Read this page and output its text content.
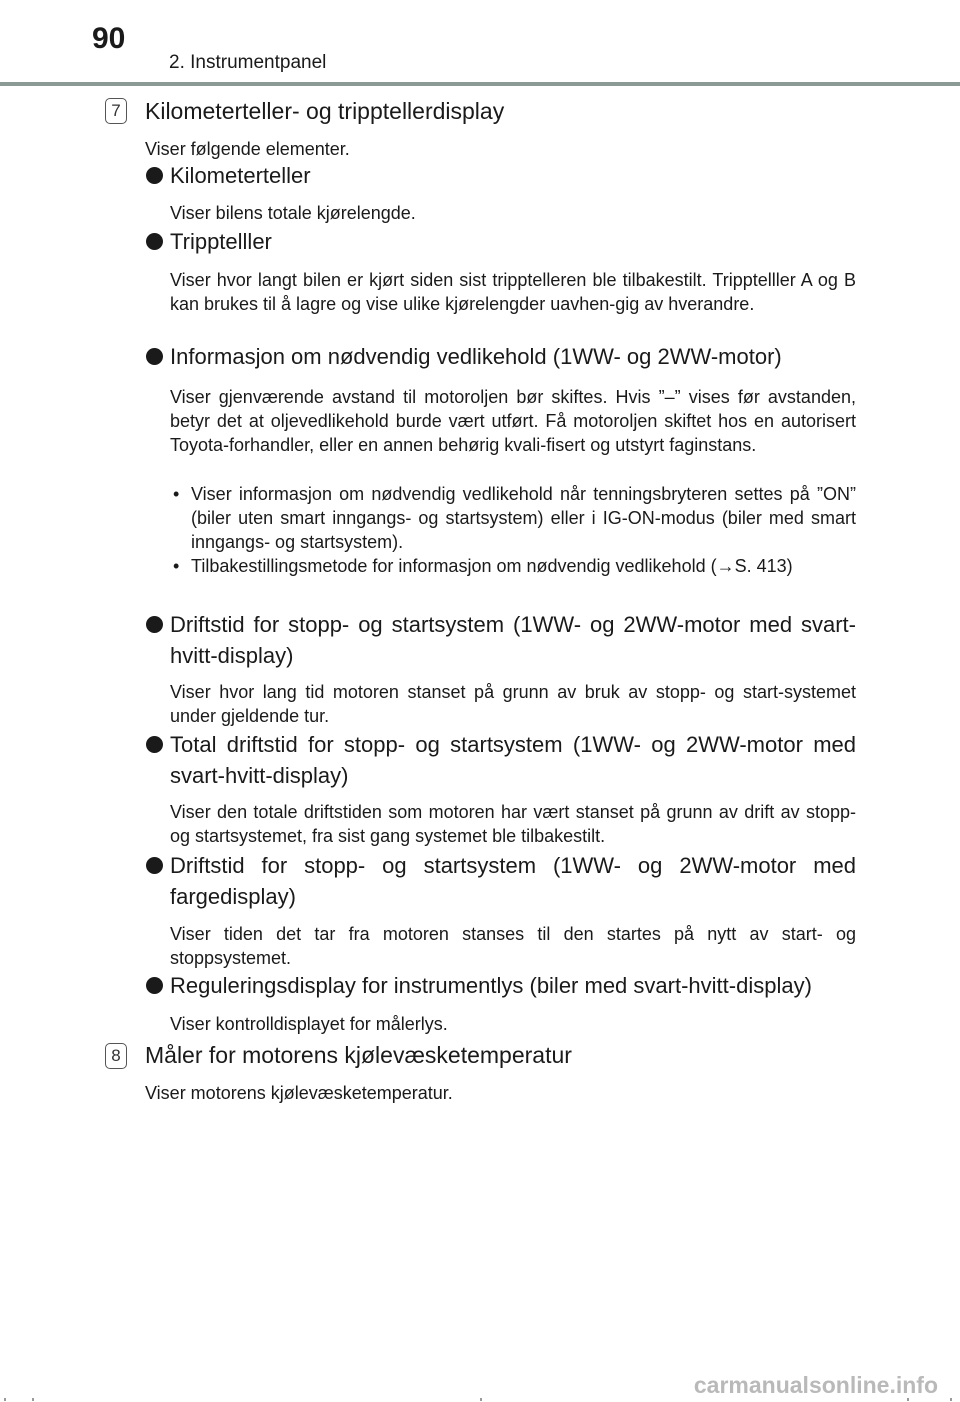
90
2. Instrumentpanel
7 Kilometerteller- og tripptellerdisplay
Viser følgende elementer.
Kilometerteller
Viser bilens totale kjørelengde.
Tripptelller
Viser hvor langt bilen er kjørt siden sist tripptelleren ble tilbakestilt. Tripptelller A og B kan brukes til å lagre og vise ulike kjørelengder uavhen-gig av hverandre.
Informasjon om nødvendig vedlikehold (1WW- og 2WW-motor)
Viser gjenværende avstand til motoroljen bør skiftes. Hvis ”–” vises før avstanden, betyr det at oljevedlikehold burde vært utført. Få motoroljen skiftet hos en autorisert Toyota-forhandler, eller en annen behørig kvali-fisert og utstyrt faginstans.
• Viser informasjon om nødvendig vedlikehold når tenningsbryteren settes på ”ON” (biler uten smart inngangs- og startsystem) eller i IG-ON-modus (biler med smart inngangs- og startsystem).
• Tilbakestillingsmetode for informasjon om nødvendig vedlikehold (→S. 413)
Driftstid for stopp- og startsystem (1WW- og 2WW-motor med svart-hvitt-display)
Viser hvor lang tid motoren stanset på grunn av bruk av stopp- og start-systemet under gjeldende tur.
Total driftstid for stopp- og startsystem (1WW- og 2WW-motor med svart-hvitt-display)
Viser den totale driftstiden som motoren har vært stanset på grunn av drift av stopp- og startsystemet, fra sist gang systemet ble tilbakestilt.
Driftstid for stopp- og startsystem (1WW- og 2WW-motor med fargedisplay)
Viser tiden det tar fra motoren stanses til den startes på nytt av start- og stoppsystemet.
Reguleringsdisplay for instrumentlys (biler med svart-hvitt-display)
Viser kontrolldisplayet for målerlys.
8 Måler for motorens kjølevæsketemperatur
Viser motorens kjølevæsketemperatur.
carmanualsonline.info
